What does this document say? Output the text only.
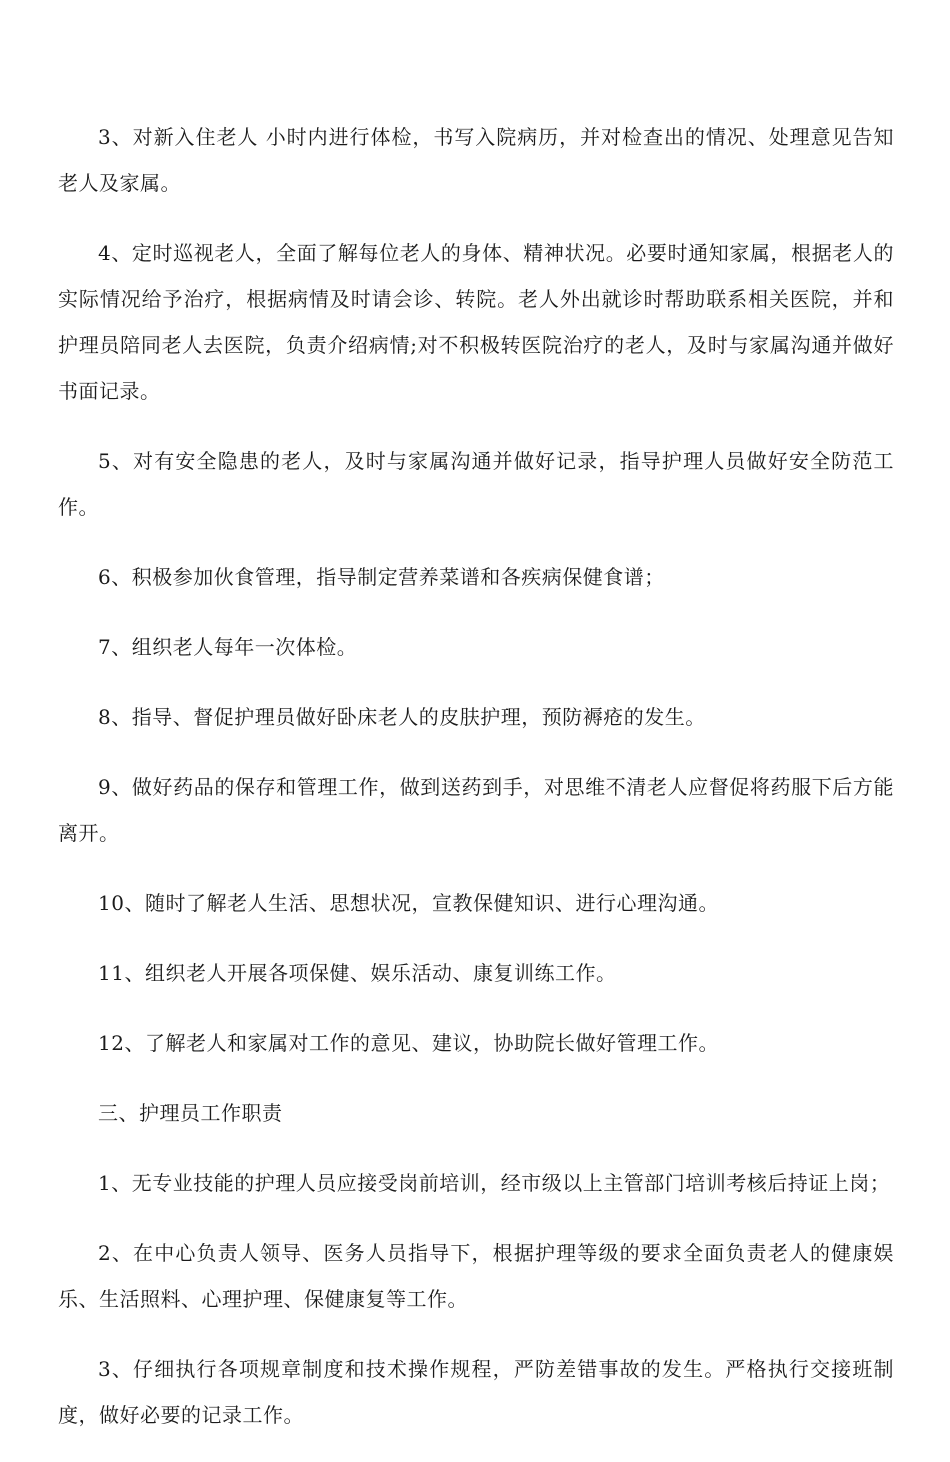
3、对新入住老人 小时内进行体检，书写入院病历，并对检查出的情况、处理意见告知老人及家属。

4、定时巡视老人，全面了解每位老人的身体、精神状况。必要时通知家属，根据老人的实际情况给予治疗，根据病情及时请会诊、转院。老人外出就诊时帮助联系相关医院，并和护理员陪同老人去医院，负责介绍病情;对不积极转医院治疗的老人，及时与家属沟通并做好书面记录。

5、对有安全隐患的老人，及时与家属沟通并做好记录，指导护理人员做好安全防范工作。

6、积极参加伙食管理，指导制定营养菜谱和各疾病保健食谱；

7、组织老人每年一次体检。

8、指导、督促护理员做好卧床老人的皮肤护理，预防褥疮的发生。

9、做好药品的保存和管理工作，做到送药到手，对思维不清老人应督促将药服下后方能离开。

10、随时了解老人生活、思想状况，宣教保健知识、进行心理沟通。

11、组织老人开展各项保健、娱乐活动、康复训练工作。

12、了解老人和家属对工作的意见、建议，协助院长做好管理工作。

三、护理员工作职责

1、无专业技能的护理人员应接受岗前培训，经市级以上主管部门培训考核后持证上岗；

2、在中心负责人领导、医务人员指导下，根据护理等级的要求全面负责老人的健康娱乐、生活照料、心理护理、保健康复等工作。

3、仔细执行各项规章制度和技术操作规程，严防差错事故的发生。严格执行交接班制度，做好必要的记录工作。
